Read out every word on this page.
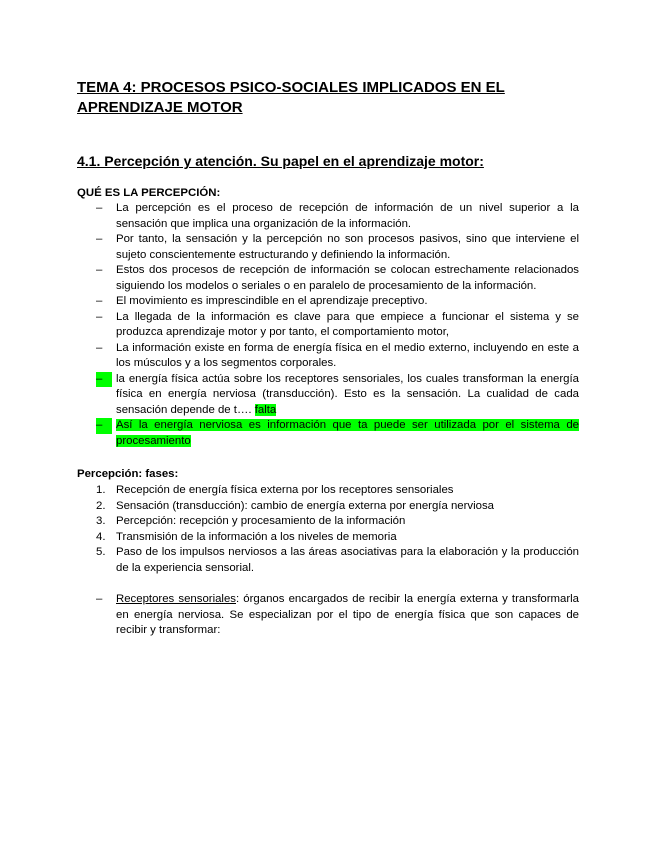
TEMA 4: PROCESOS PSICO-SOCIALES IMPLICADOS EN EL APRENDIZAJE MOTOR
4.1. Percepción y atención. Su papel en el aprendizaje motor:

QUÉ ES LA PERCEPCIÓN:

–	La percepción es el proceso de recepción de información de un nivel superior a la sensación que implica una organización de la información.
–	Por tanto, la sensación y la percepción no son procesos pasivos, sino que interviene el sujeto conscientemente estructurando y definiendo la información.
–	Estos dos procesos de recepción de información se colocan estrechamente relacionados siguiendo los modelos o seriales o en paralelo de procesamiento de la información.
–	El movimiento es imprescindible en el aprendizaje preceptivo.
–	La llegada de la información es clave para que empiece a funcionar el sistema y se produzca aprendizaje motor y por tanto, el comportamiento motor,
–	La información existe en forma de energía física en el medio externo, incluyendo en este a los músculos y a los segmentos corporales.
–	la energía física actúa sobre los receptores sensoriales, los cuales transforman la energía física en energía nerviosa (transducción). Esto es la sensación. La cualidad de cada sensación depende de t…. falta
–	Así la energía nerviosa es información que ta puede ser utilizada por el sistema de procesamiento

Percepción: fases:

1. Recepción de energía física externa por los receptores sensoriales
2. Sensación (transducción): cambio de energía externa por energía nerviosa
3. Percepción: recepción y procesamiento de la información
4. Transmisión de la información a los niveles de memoria
5. Paso de los impulsos nerviosos a las áreas asociativas para la elaboración y la producción de la experiencia sensorial.
–	Receptores sensoriales: órganos encargados de recibir la energía externa y transformarla en energía nerviosa. Se especializan por el tipo de energía física que son capaces de recibir y transformar:
